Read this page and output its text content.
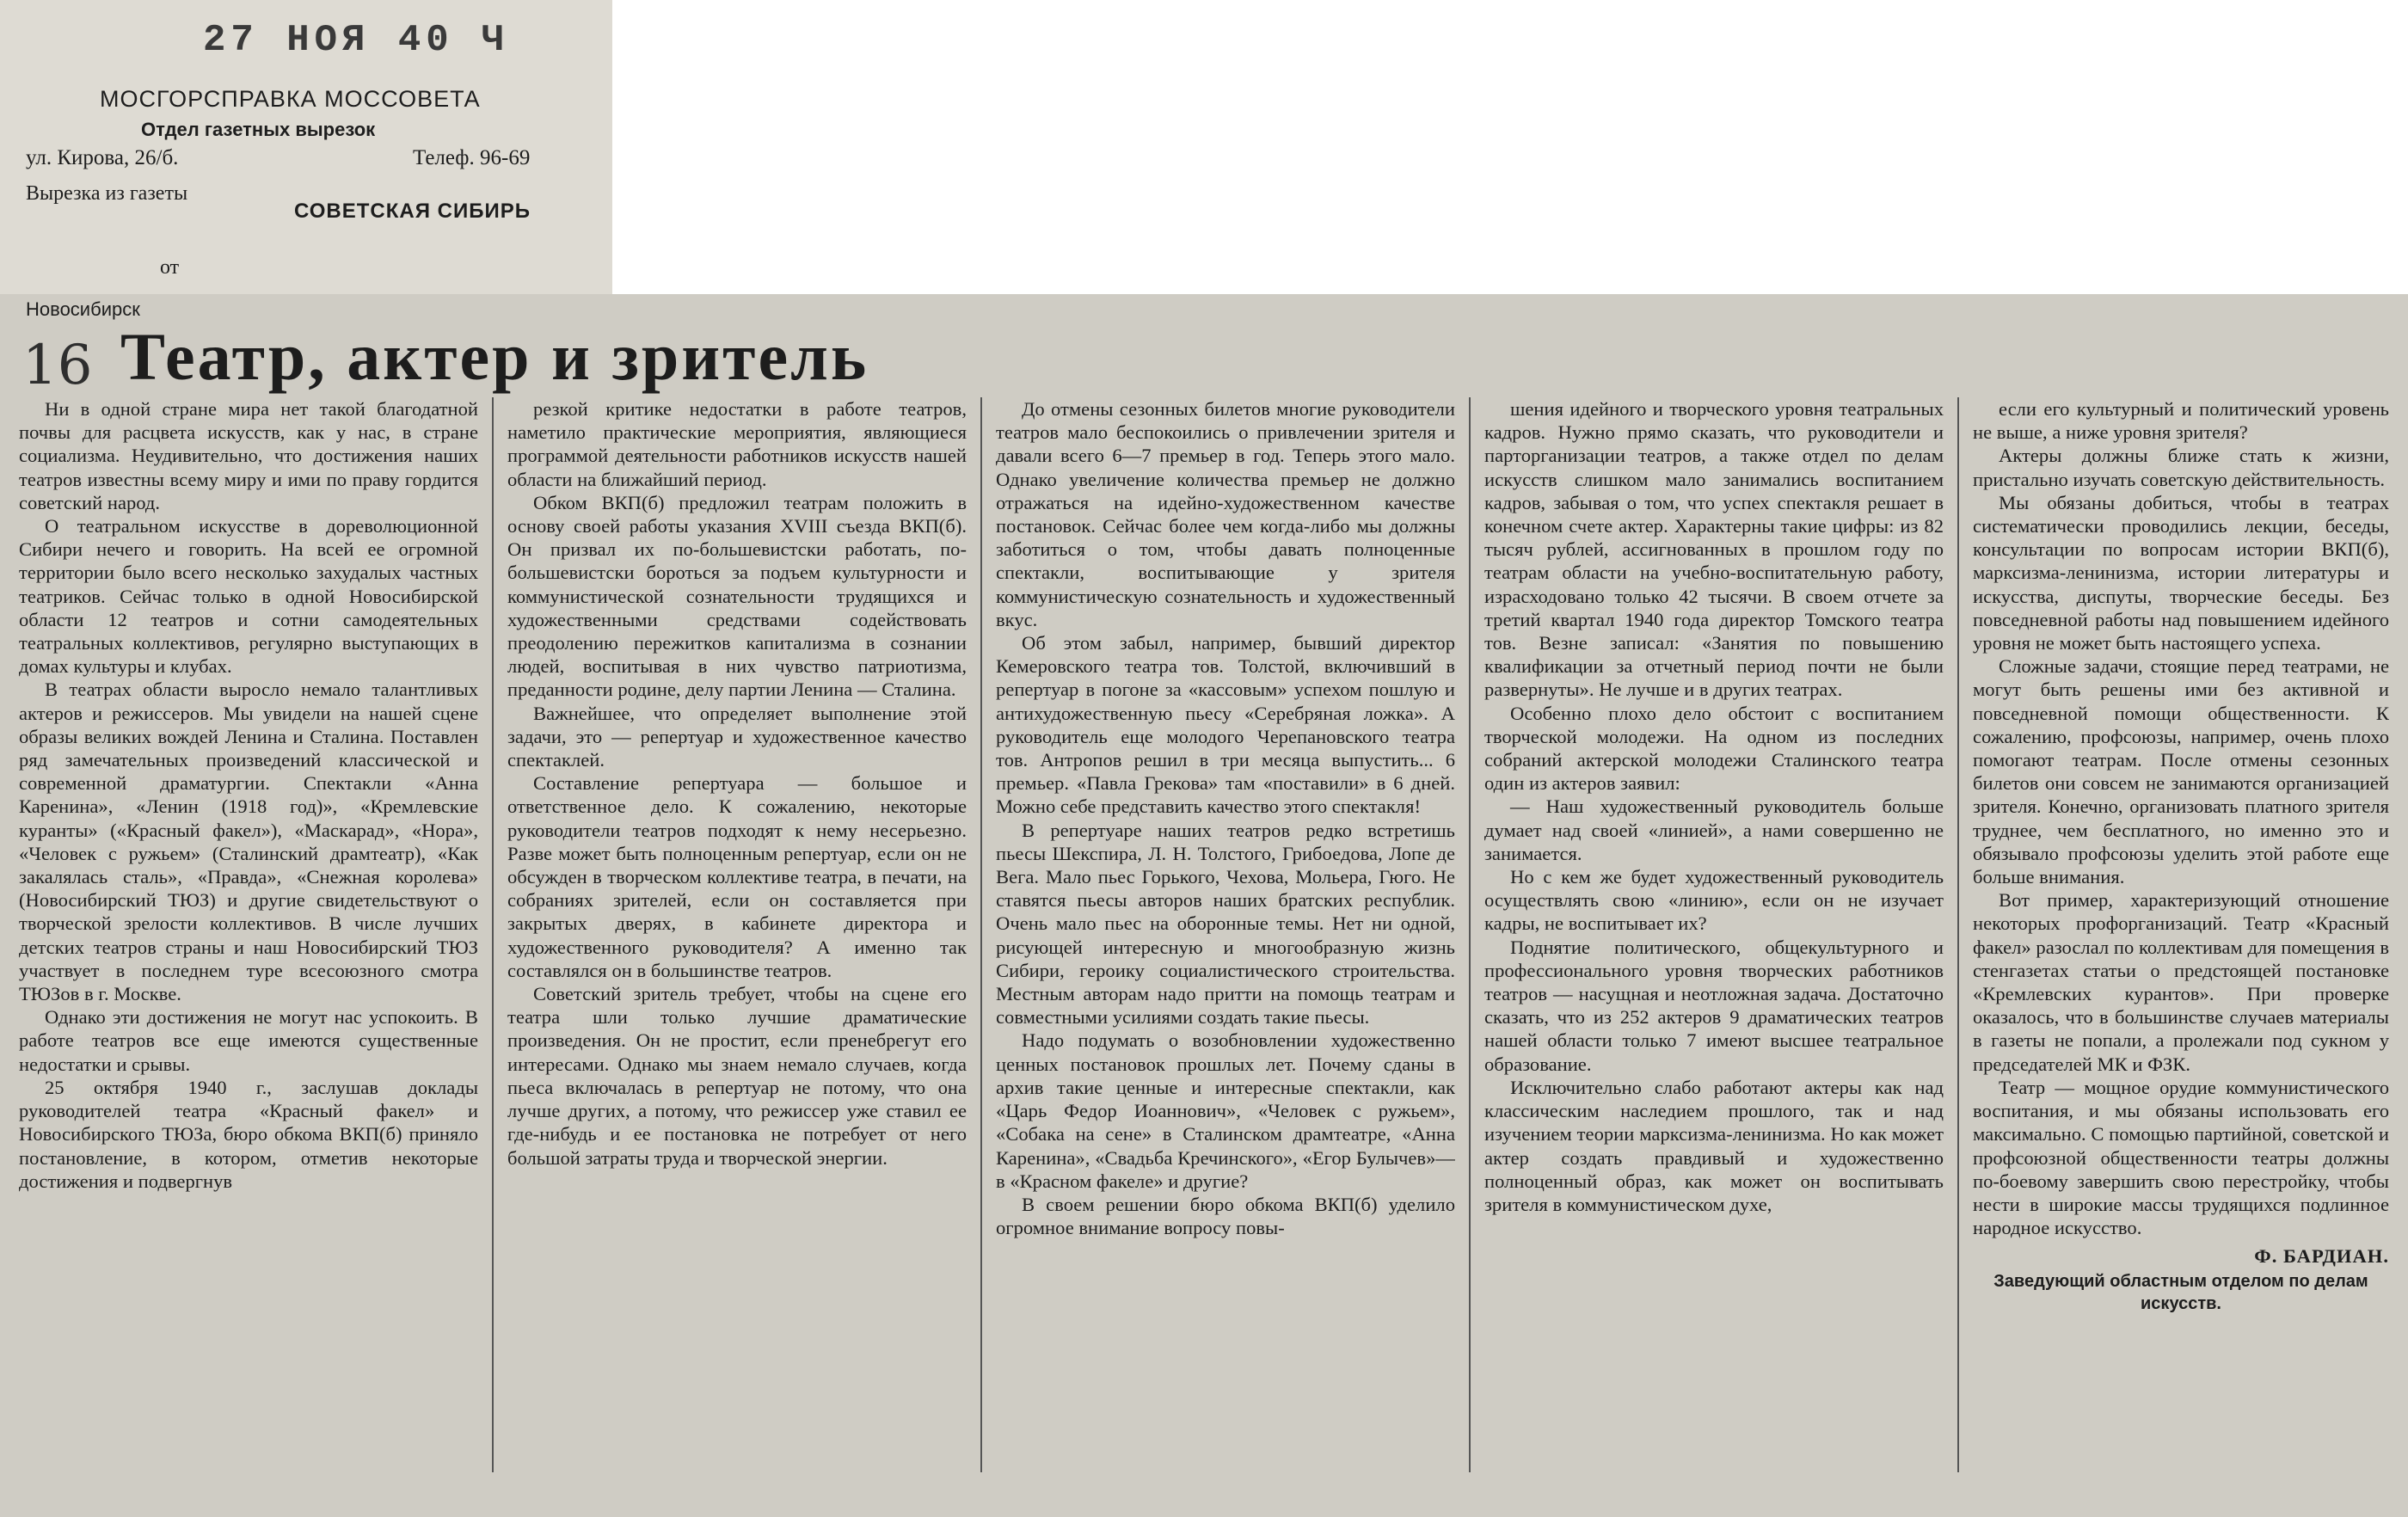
27 НОЯ 40 Ч
МОСГОРСПРАВКА МОССОВЕТА
Отдел газетных вырезок
ул. Кирова, 26/б.	Телеф. 96-69
Вырезка из газеты
СОВЕТСКАЯ СИБИРЬ
от
Новосибирск
16 Театр, актер и зритель

Ни в одной стране мира нет такой благодатной почвы для расцвета искусств, как у нас, в стране социализма. Неудивительно, что достижения наших театров известны всему миру и ими по праву гордится советский народ.

О театральном искусстве в дореволюционной Сибири нечего и говорить. На всей ее огромной территории было всего несколько захудалых частных театриков. Сейчас только в одной Новосибирской области 12 театров и сотни самодеятельных театральных коллективов, регулярно выступающих в домах культуры и клубах.

В театрах области выросло немало талантливых актеров и режиссеров. Мы увидели на нашей сцене образы великих вождей Ленина и Сталина. Поставлен ряд замечательных произведений классической и современной драматургии. Спектакли «Анна Каренина», «Ленин (1918 год)», «Кремлевские куранты» («Красный факел»), «Маскарад», «Нора», «Человек с ружьем» (Сталинский драмтеатр), «Как закалялась сталь», «Правда», «Снежная королева» (Новосибирский ТЮЗ) и другие свидетельствуют о творческой зрелости коллективов. В числе лучших детских театров страны и наш Новосибирский ТЮЗ участвует в последнем туре всесоюзного смотра ТЮЗов в г. Москве.

Однако эти достижения не могут нас успокоить. В работе театров все еще имеются существенные недостатки и срывы.

25 октября 1940 г., заслушав доклады руководителей театра «Красный факел» и Новосибирского ТЮЗа, бюро обкома ВКП(б) приняло постановление, в котором, отметив некоторые достижения и подвергнув

резкой критике недостатки в работе театров, наметило практические мероприятия, являющиеся программой деятельности работников искусств нашей области на ближайший период.

Обком ВКП(б) предложил театрам положить в основу своей работы указания XVIII съезда ВКП(б). Он призвал их по-большевистски работать, по-большевистски бороться за подъем культурности и коммунистической сознательности трудящихся и художественными средствами содействовать преодолению пережитков капитализма в сознании людей, воспитывая в них чувство патриотизма, преданности родине, делу партии Ленина — Сталина.

Важнейшее, что определяет выполнение этой задачи, это — репертуар и художественное качество спектаклей.

Составление репертуара — большое и ответственное дело. К сожалению, некоторые руководители театров подходят к нему несерьезно. Разве может быть полноценным репертуар, если он не обсужден в творческом коллективе театра, в печати, на собраниях зрителей, если он составляется при закрытых дверях, в кабинете директора и художественного руководителя? А именно так составлялся он в большинстве театров.

Советский зритель требует, чтобы на сцене его театра шли только лучшие драматические произведения. Он не простит, если пренебрегут его интересами. Однако мы знаем немало случаев, когда пьеса включалась в репертуар не потому, что она лучше других, а потому, что режиссер уже ставил ее где-нибудь и ее постановка не потребует от него большой затраты труда и творческой энергии.

До отмены сезонных билетов многие руководители театров мало беспокоились о привлечении зрителя и давали всего 6—7 премьер в год. Теперь этого мало. Однако увеличение количества премьер не должно отражаться на идейно-художественном качестве постановок. Сейчас более чем когда-либо мы должны заботиться о том, чтобы давать полноценные спектакли, воспитывающие у зрителя коммунистическую сознательность и художественный вкус.

Об этом забыл, например, бывший директор Кемеровского театра тов. Толстой, включивший в репертуар в погоне за «кассовым» успехом пошлую и антихудожественную пьесу «Серебряная ложка». А руководитель еще молодого Черепановского театра тов. Антропов решил в три месяца выпустить... 6 премьер. «Павла Грекова» там «поставили» в 6 дней. Можно себе представить качество этого спектакля!

В репертуаре наших театров редко встретишь пьесы Шекспира, Л. Н. Толстого, Грибоедова, Лопе де Вега. Мало пьес Горького, Чехова, Мольера, Гюго. Не ставятся пьесы авторов наших братских республик. Очень мало пьес на оборонные темы. Нет ни одной, рисующей интересную и многообразную жизнь Сибири, героику социалистического строительства. Местным авторам надо притти на помощь театрам и совместными усилиями создать такие пьесы.

Надо подумать о возобновлении художественно ценных постановок прошлых лет. Почему сданы в архив такие ценные и интересные спектакли, как «Царь Федор Иоаннович», «Человек с ружьем», «Собака на сене» в Сталинском драмтеатре, «Анна Каренина», «Свадьба Кречинского», «Егор Булычев»—в «Красном факеле» и другие?

В своем решении бюро обкома ВКП(б) уделило огромное внимание вопросу повы-

шения идейного и творческого уровня театральных кадров. Нужно прямо сказать, что руководители и парторганизации театров, а также отдел по делам искусств слишком мало занимались воспитанием кадров, забывая о том, что успех спектакля решает в конечном счете актер. Характерны такие цифры: из 82 тысяч рублей, ассигнованных в прошлом году по театрам области на учебно-воспитательную работу, израсходовано только 42 тысячи. В своем отчете за третий квартал 1940 года директор Томского театра тов. Везне записал: «Занятия по повышению квалификации за отчетный период почти не были развернуты». Не лучше и в других театрах.

Особенно плохо дело обстоит с воспитанием творческой молодежи. На одном из последних собраний актерской молодежи Сталинского театра один из актеров заявил:

— Наш художественный руководитель больше думает над своей «линией», а нами совершенно не занимается.

Но с кем же будет художественный руководитель осуществлять свою «линию», если он не изучает кадры, не воспитывает их?

Поднятие политического, общекультурного и профессионального уровня творческих работников театров — насущная и неотложная задача. Достаточно сказать, что из 252 актеров 9 драматических театров нашей области только 7 имеют высшее театральное образование.

Исключительно слабо работают актеры как над классическим наследием прошлого, так и над изучением теории марксизма-ленинизма. Но как может актер создать правдивый и художественно полноценный образ, как может он воспитывать зрителя в коммунистическом духе,

если его культурный и политический уровень не выше, а ниже уровня зрителя?

Актеры должны ближе стать к жизни, пристально изучать советскую действительность.

Мы обязаны добиться, чтобы в театрах систематически проводились лекции, беседы, консультации по вопросам истории ВКП(б), марксизма-ленинизма, истории литературы и искусства, диспуты, творческие беседы. Без повседневной работы над повышением идейного уровня не может быть настоящего успеха.

Сложные задачи, стоящие перед театрами, не могут быть решены ими без активной и повседневной помощи общественности. К сожалению, профсоюзы, например, очень плохо помогают театрам. После отмены сезонных билетов они совсем не занимаются организацией зрителя. Конечно, организовать платного зрителя труднее, чем бесплатного, но именно это и обязывало профсоюзы уделить этой работе еще больше внимания.

Вот пример, характеризующий отношение некоторых профорганизаций. Театр «Красный факел» разослал по коллективам для помещения в стенгазетах статьи о предстоящей постановке «Кремлевских курантов». При проверке оказалось, что в большинстве случаев материалы в газеты не попали, а пролежали под сукном у председателей МК и ФЗК.

Театр — мощное орудие коммунистического воспитания, и мы обязаны использовать его максимально. С помощью партийной, советской и профсоюзной общественности театры должны по-боевому завершить свою перестройку, чтобы нести в широкие массы трудящихся подлинное народное искусство.

Ф. БАРДИАН.
Заведующий областным отделом по делам искусств.
